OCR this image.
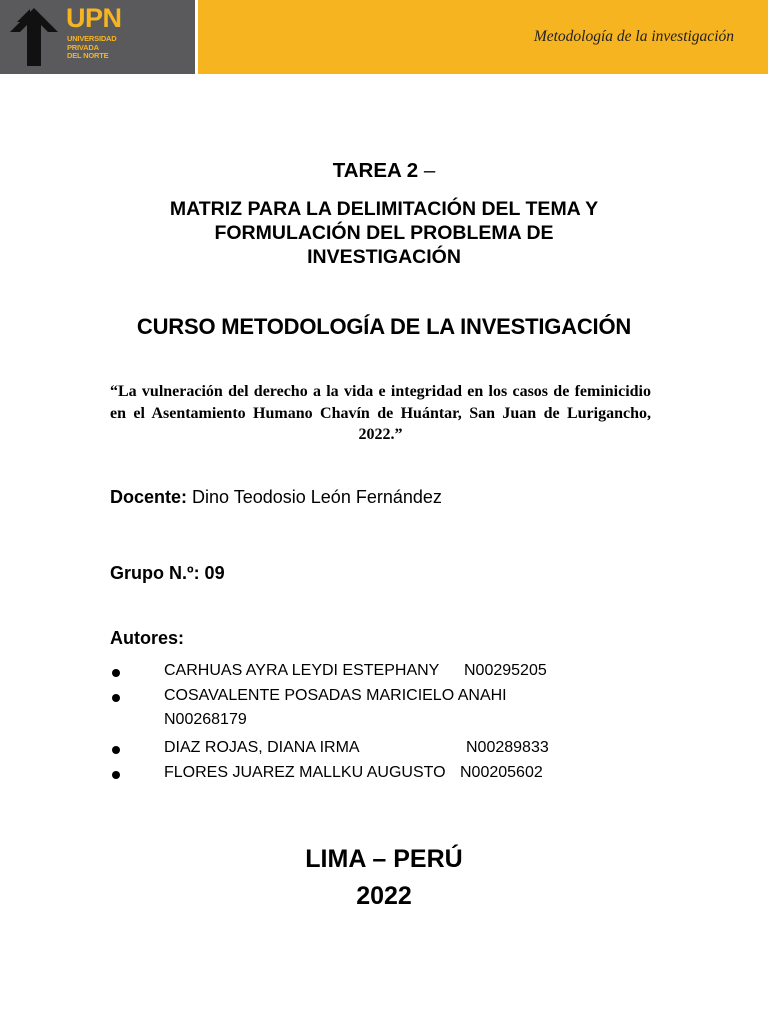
UPN
UNIVERSIDAD
PRIVADA
DEL NORTE
Metodología de la investigación
TAREA 2 –
MATRIZ PARA LA DELIMITACIÓN DEL TEMA Y
FORMULACIÓN DEL PROBLEMA DE
INVESTIGACIÓN
CURSO METODOLOGÍA DE LA INVESTIGACIÓN
“La vulneración del derecho a la vida e integridad en los casos de feminicidio en el Asentamiento Humano Chavín de Huántar, San Juan de Lurigancho, 2022.”
Docente: Dino Teodosio León Fernández
Grupo N.º: 09
Autores:
CARHUAS AYRA LEYDI ESTEPHANY N00295205
COSAVALENTE POSADAS MARICIELO ANAHI
N00268179
DIAZ ROJAS, DIANA IRMA	N00289833
FLORES JUAREZ MALLKU AUGUSTO N00205602
LIMA – PERÚ
2022
